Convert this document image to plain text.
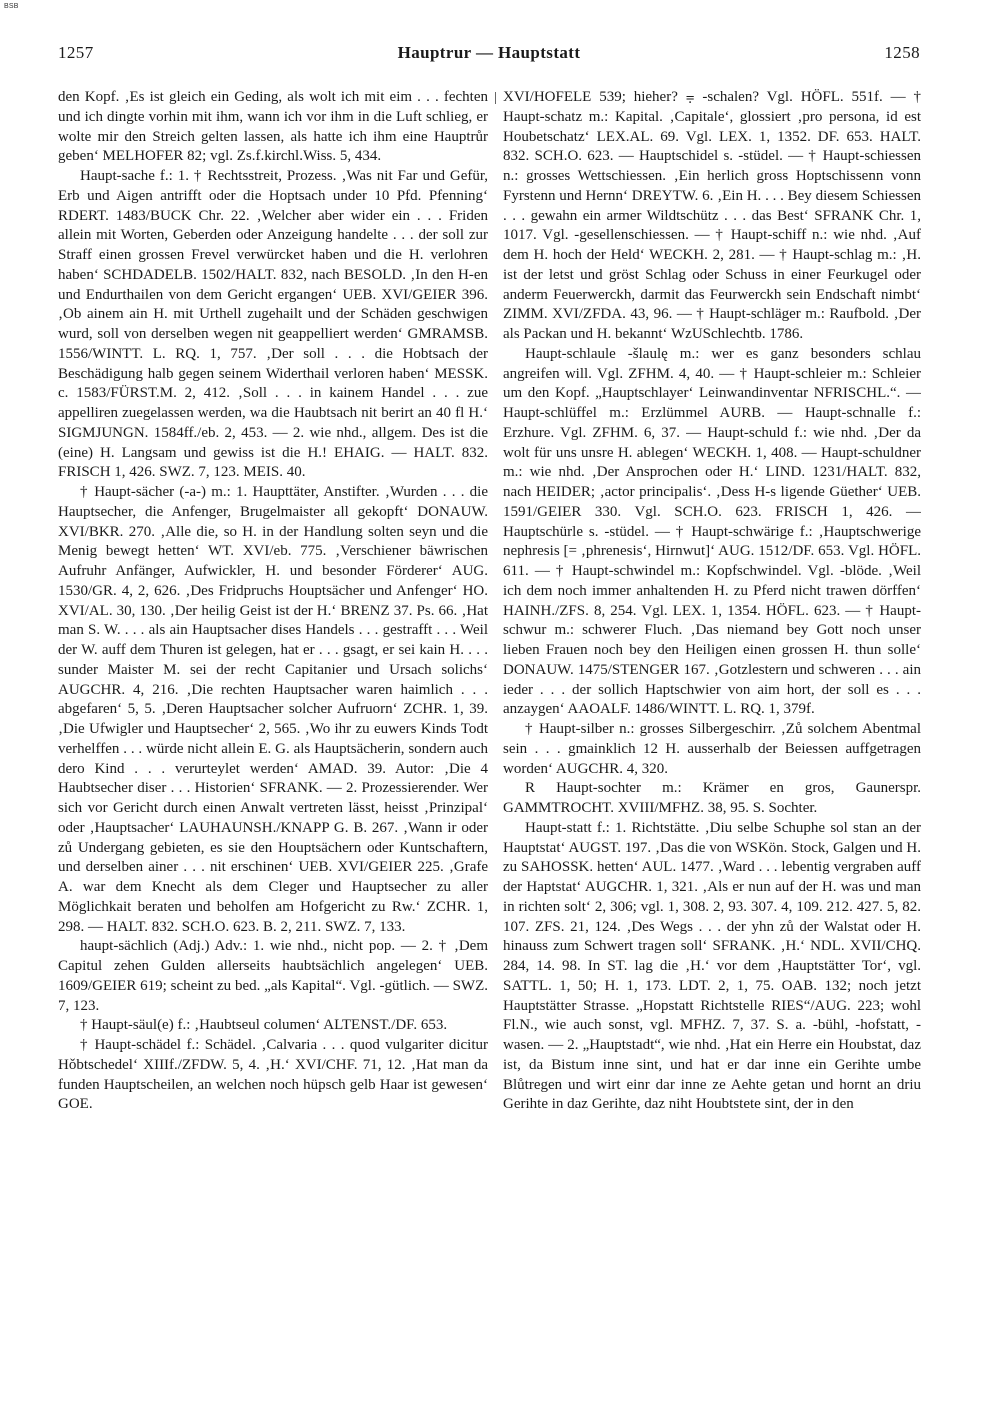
BSB
1257	Hauptrur — Hauptstatt	1258

den Kopf. ‚Es ist gleich ein Geding, als wolt ich mit eim . . . fechten und ich dingte vorhin mit ihm, wann ich vor ihm in die Luft schlieg, er wolte mir den Streich gelten lassen, als hatte ich ihm eine Hauptrůr geben‘ MELHOFER 82; vgl. Zs.f.kirchl.Wiss. 5, 434.

Haupt-sache f.: 1. † Rechtsstreit, Prozess. ‚Was nit Far und Gefür, Erb und Aigen antrifft oder die Hoptsach under 10 Pfd. Pfenning‘ RDERT. 1483/BUCK Chr. 22. ‚Welcher aber wider ein . . . Friden allein mit Worten, Geberden oder Anzeigung handelte . . . der soll zur Straff einen grossen Frevel verwürcket haben und die H. verlohren haben‘ SCHDADELB. 1502/HALT. 832, nach BESOLD. ‚In den H-en und Endurthailen von dem Gericht ergangen‘ UEB. XVI/GEIER 396. ‚Ob ainem ain H. mit Urthell zugehailt und der Schäden geschwigen wurd, soll von derselben wegen nit geappelliert werden‘ GMRAMSB. 1556/WINTT. L. RQ. 1, 757. ‚Der soll . . . die Hobtsach der Beschädigung halb gegen seinem Widerthail verloren haben‘ MESSK. c. 1583/FÜRST.M. 2, 412. ‚Soll . . . in kainem Handel . . . zue appelliren zuegelassen werden, wa die Haubtsach nit berirt an 40 fl H.‘ SIGMJUNGN. 1584ff./eb. 2, 453. — 2. wie nhd., allgem. Des ist die (eine) H. Langsam und gewiss ist die H.! EHAIG. — HALT. 832. FRISCH 1, 426. SWZ. 7, 123. MEIS. 40.

† Haupt-sächer (-a-) m.: 1. Haupttäter, Anstifter. ‚Wurden . . . die Hauptsecher, die Anfenger, Brugelmaister all gekopft‘ DONAUW. XVI/BKR. 270. ‚Alle die, so H. in der Handlung solten seyn und die Menig bewegt hetten‘ WT. XVI/eb. 775. ‚Verschiener bäwrischen Aufruhr Anfänger, Aufwickler, H. und besonder Förderer‘ AUG. 1530/GR. 4, 2, 626. ‚Des Fridpruchs Houptsächer und Anfenger‘ HO. XVI/AL. 30, 130. ‚Der heilig Geist ist der H.‘ BRENZ 37. Ps. 66. ‚Hat man S. W. . . . als ain Hauptsacher dises Handels . . . gestrafft . . . Weil der W. auff dem Thuren ist gelegen, hat er . . . gsagt, er sei kain H. . . . sunder Maister M. sei der recht Capitanier und Ursach solichs‘ AUGCHR. 4, 216. ‚Die rechten Hauptsacher waren haimlich . . . abgefaren‘ 5, 5. ‚Deren Hauptsacher solcher Aufruorn‘ ZCHR. 1, 39. ‚Die Ufwigler und Hauptsecher‘ 2, 565. ‚Wo ihr zu euwers Kinds Todt verhelffen . . . würde nicht allein E. G. als Hauptsächerin, sondern auch dero Kind . . . verurteylet werden‘ AMAD. 39. Autor: ‚Die 4 Haubtsecher diser . . . Historien‘ SFRANK. — 2. Prozessierender. Wer sich vor Gericht durch einen Anwalt vertreten lässt, heisst ‚Prinzipal‘ oder ‚Hauptsacher‘ LAUHAUNSH./KNAPP G. B. 267. ‚Wann ir oder zů Undergang gebieten, es sie den Houptsächern oder Kuntschaftern, und derselben ainer . . . nit erschinen‘ UEB. XVI/GEIER 225. ‚Grafe A. war dem Knecht als dem Cleger und Hauptsecher zu aller Möglichkait beraten und beholfen am Hofgericht zu Rw.‘ ZCHR. 1, 298. — HALT. 832. SCH.O. 623. B. 2, 211. SWZ. 7, 133.

haupt-sächlich (Adj.) Adv.: 1. wie nhd., nicht pop. — 2. † ‚Dem Capitul zehen Gulden allerseits haubtsächlich angelegen‘ UEB. 1609/GEIER 619; scheint zu bed. „als Kapital“. Vgl. -gütlich. — SWZ. 7, 123.

† Haupt-säul(e) f.: ‚Haubtseul columen‘ ALTENST./DF. 653.

† Haupt-schädel f.: Schädel. ‚Calvaria . . . quod vulgariter dicitur Hǒbtschedel‘ XIIIf./ZFDW. 5, 4. ‚H.‘ XVI/CHF. 71, 12. ‚Hat man da funden Hauptscheilen, an welchen noch hüpsch gelb Haar ist gewesen‘ GOE.

XVI/HOFELE 539; hieher? ⩦ -schalen? Vgl. HÖFL. 551f. — † Haupt-schatz m.: Kapital. ‚Capitale‘, glossiert ‚pro persona, id est Houbetschatz‘ LEX.AL. 69. Vgl. LEX. 1, 1352. DF. 653. HALT. 832. SCH.O. 623. — Hauptschidel s. -stüdel. — † Haupt-schiessen n.: grosses Wettschiessen. ‚Ein herlich gross Hoptschissenn vonn Fyrstenn und Hernn‘ DREYTW. 6. ‚Ein H. . . . Bey diesem Schiessen . . . gewahn ein armer Wildtschütz . . . das Best‘ SFRANK Chr. 1, 1017. Vgl. -gesellenschiessen. — † Haupt-schiff n.: wie nhd. ‚Auf dem H. hoch der Held‘ WECKH. 2, 281. — † Haupt-schlag m.: ‚H. ist der letst und gröst Schlag oder Schuss in einer Feurkugel oder anderm Feuerwerckh, darmit das Feurwerckh sein Endschaft nimbt‘ ZIMM. XVI/ZFDA. 43, 96. — † Haupt-schläger m.: Raufbold. ‚Der als Packan und H. bekannt‘ WzUSchlechtb. 1786.

Haupt-schlaule -šlaulę m.: wer es ganz besonders schlau angreifen will. Vgl. ZFHM. 4, 40. — † Haupt-schleier m.: Schleier um den Kopf. „Hauptschlayer‘ Leinwandinventar NFRISCHL.“. — Haupt-schlüffel m.: Erzlümmel AURB. — Haupt-schnalle f.: Erzhure. Vgl. ZFHM. 6, 37. — Haupt-schuld f.: wie nhd. ‚Der da wolt für uns unsre H. ablegen‘ WECKH. 1, 408. — Haupt-schuldner m.: wie nhd. ‚Der Ansprochen oder H.‘ LIND. 1231/HALT. 832, nach HEIDER; ‚actor principalis‘. ‚Dess H-s ligende Güether‘ UEB. 1591/GEIER 330. Vgl. SCH.O. 623. FRISCH 1, 426. — Hauptschürle s. -stüdel. — † Haupt-schwärige f.: ‚Hauptschwerige nephresis [= ‚phrenesis‘, Hirnwut]‘ AUG. 1512/DF. 653. Vgl. HÖFL. 611. — † Haupt-schwindel m.: Kopfschwindel. Vgl. -blöde. ‚Weil ich dem noch immer anhaltenden H. zu Pferd nicht trawen dörffen‘ HAINH./ZFS. 8, 254. Vgl. LEX. 1, 1354. HÖFL. 623. — † Haupt-schwur m.: schwerer Fluch. ‚Das niemand bey Gott noch unser lieben Frauen noch bey den Heiligen einen grossen H. thun solle‘ DONAUW. 1475/STENGER 167. ‚Gotzlestern und schweren . . . ain ieder . . . der sollich Haptschwier von aim hort, der soll es . . . anzaygen‘ AAOALF. 1486/WINTT. L. RQ. 1, 379f.

† Haupt-silber n.: grosses Silbergeschirr. ‚Zů solchem Abentmal sein . . . gmainklich 12 H. ausserhalb der Beiessen auffgetragen worden‘ AUGCHR. 4, 320.

R Haupt-sochter m.: Krämer en gros, Gaunerspr. GAMMTROCHT. XVIII/MFHZ. 38, 95. S. Sochter.

Haupt-statt f.: 1. Richtstätte. ‚Diu selbe Schuphe sol stan an der Hauptstat‘ AUGST. 197. ‚Das die von WSKön. Stock, Galgen und H. zu SAHOSSK. hetten‘ AUL. 1477. ‚Ward . . . lebentig vergraben auff der Haptstat‘ AUGCHR. 1, 321. ‚Als er nun auf der H. was und man in richten solt‘ 2, 306; vgl. 1, 308. 2, 93. 307. 4, 109. 212. 427. 5, 82. 107. ZFS. 21, 124. ‚Des Wegs . . . der yhn zů der Walstat oder H. hinauss zum Schwert tragen soll‘ SFRANK. ‚H.‘ NDL. XVII/CHQ. 284, 14. 98. In ST. lag die ‚H.‘ vor dem ‚Hauptstätter Tor‘, vgl. SATTL. 1, 50; H. 1, 173. LDT. 2, 1, 75. OAB. 132; noch jetzt Hauptstätter Strasse. „Hopstatt Richtstelle RIES“/AUG. 223; wohl Fl.N., wie auch sonst, vgl. MFHZ. 7, 37. S. a. -bühl, -hofstatt, -wasen. — 2. „Hauptstadt“, wie nhd. ‚Hat ein Herre ein Houbstat, daz ist, da Bistum inne sint, und hat er dar inne ein Gerihte umbe Blůtregen und wirt einr dar inne ze Aehte getan und hornt an driu Gerihte in daz Gerihte, daz niht Houbtstete sint, der in den
